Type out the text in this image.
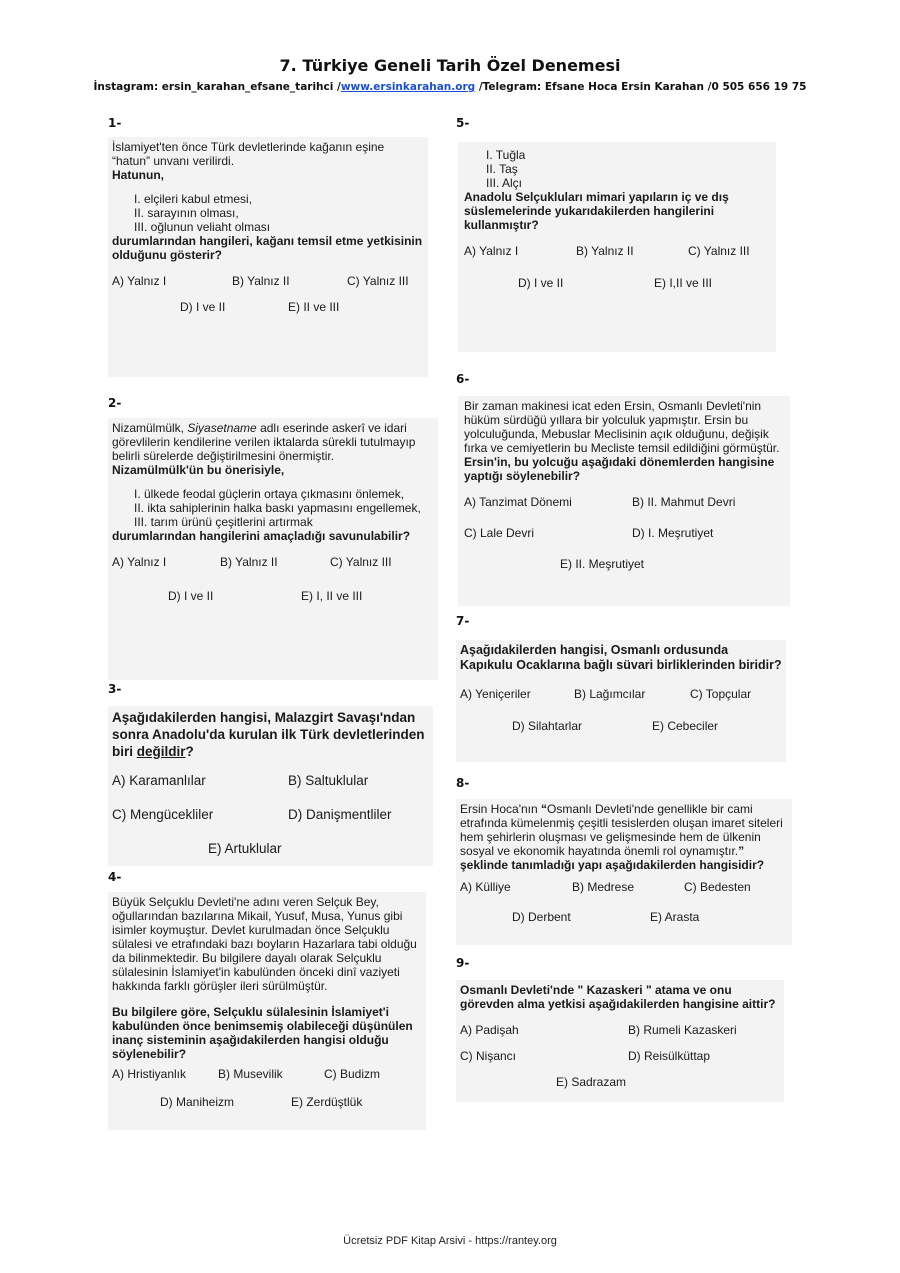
7. Türkiye Geneli Tarih Özel Denemesi
İnstagram: ersin_karahan_efsane_tarihci /www.ersinkarahan.org /Telegram: Efsane Hoca Ersin Karahan /0 505 656 19 75
1-

İslamiyet'ten önce Türk devletlerinde kağanın eşine “hatun” unvanı verilirdi.

Hatunun,

I. elçileri kabul etmesi,

II. sarayının olması,

III. oğlunun veliaht olması

durumlarından hangileri, kağanı temsil etme yetkisinin olduğunu gösterir?

A) Yalnız I	B) Yalnız II	C) Yalnız III
D) I ve II	E) II ve III
2-

Nizamülmülk, Siyasetname adlı eserinde askerî ve idari görevlilerin kendilerine verilen iktalarda sürekli tutulmayıp belirli sürelerde değiştirilmesini önermiştir.

Nizamülmülk'ün bu önerisiyle,

I. ülkede feodal güçlerin ortaya çıkmasını önlemek,

II. ikta sahiplerinin halka baskı yapmasını engellemek,

III. tarım ürünü çeşitlerini artırmak

durumlarından hangilerini amaçladığı savunulabilir?

A) Yalnız I	B) Yalnız II	C) Yalnız III
D) I ve II	E) I, II ve III
3-

Aşağıdakilerden hangisi, Malazgirt Savaşı'ndan sonra Anadolu'da kurulan ilk Türk devletlerinden biri değildir?

A) Karamanlılar	B) Saltuklular
C) Mengücekliler	D) Danişmentliler
E) Artuklular
4-

Büyük Selçuklu Devleti'ne adını veren Selçuk Bey, oğullarından bazılarına Mikail, Yusuf, Musa, Yunus gibi isimler koymuştur. Devlet kurulmadan önce Selçuklu sülalesi ve etrafındaki bazı boyların Hazarlara tabi olduğu da bilinmektedir. Bu bilgilere dayalı olarak Selçuklu sülalesinin İslamiyet'in kabulünden önceki dinî vaziyeti hakkında farklı görüşler ileri sürülmüştür.

Bu bilgilere göre, Selçuklu sülalesinin İslamiyet'i kabulünden önce benimsemiş olabileceği düşünülen inanç sisteminin aşağıdakilerden hangisi olduğu söylenebilir?

A) Hristiyanlık	B) Musevilik	C) Budizm
D) Maniheizm	E) Zerdüştlük
5-

I. Tuğla

II. Taş

III. Alçı

Anadolu Selçukluları mimari yapıların iç ve dış süslemelerinde yukarıdakilerden hangilerini kullanmıştır?

A) Yalnız I	B) Yalnız II	C) Yalnız III
D) I ve II	E) I,II ve III
6-

Bir zaman makinesi icat eden Ersin, Osmanlı Devleti'nin hüküm sürdüğü yıllara bir yolculuk yapmıştır. Ersin bu yolculuğunda, Mebuslar Meclisinin açık olduğunu, değişik fırka ve cemiyetlerin bu Mecliste temsil edildiğini görmüştür.

Ersin'in, bu yolcuğu aşağıdaki dönemlerden hangisine yaptığı söylenebilir?

A) Tanzimat Dönemi	B) II. Mahmut Devri
C) Lale Devri	D) I. Meşrutiyet
E) II. Meşrutiyet
7-

Aşağıdakilerden hangisi, Osmanlı ordusunda Kapıkulu Ocaklarına bağlı süvari birliklerinden biridir?

A) Yeniçeriler	B) Lağımcılar	C) Topçular
D) Silahtarlar	E) Cebeciler
8-

Ersin Hoca'nın “Osmanlı Devleti'nde genellikle bir cami etrafında kümelenmiş çeşitli tesislerden oluşan imaret siteleri hem şehirlerin oluşması ve gelişmesinde hem de ülkenin sosyal ve ekonomik hayatında önemli rol oynamıştır.” şeklinde tanımladığı yapı aşağıdakilerden hangisidir?

A) Külliye	B) Medrese	C) Bedesten
D) Derbent	E) Arasta
9-

Osmanlı Devleti'nde " Kazaskeri " atama ve onu görevden alma yetkisi aşağıdakilerden hangisine aittir?

A) Padişah	B) Rumeli Kazaskeri
C) Nişancı	D) Reisülküttap
E) Sadrazam
Ücretsiz PDF Kitap Arsivi - https://rantey.org
